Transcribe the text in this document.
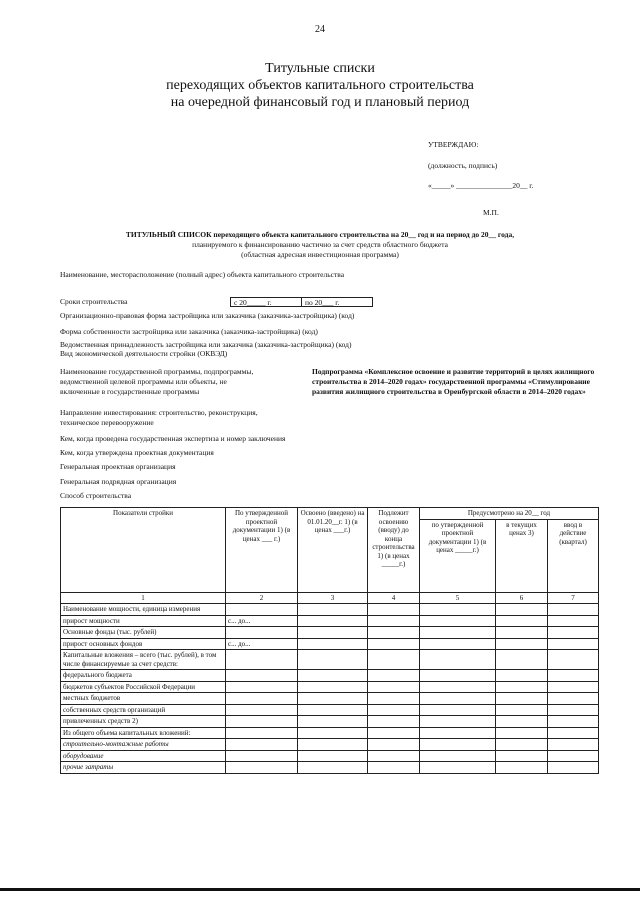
24
Титульные списки
переходящих объектов капитального строительства
на очередной финансовый год и плановый период
УТВЕРЖДАЮ:
(должность, подпись)
«_____» _______________20__ г.
М.П.
ТИТУЛЬНЫЙ СПИСОК переходящего объекта капитального строительства на 20__ год и на период до 20__ года,
планируемого к финансированию частично за счет средств областного бюджета
(областная адресная инвестиционная программа)
Наименование, месторасположение (полный адрес) объекта капитального строительства
Сроки строительства	с 20_____ г.	по 20___ г.
Организационно-правовая форма застройщика или заказчика (заказчика-застройщика) (код)
Форма собственности застройщика или заказчика (заказчика-застройщика) (код)
Ведомственная принадлежность застройщика или заказчика (заказчика-застройщика) (код)
Вид экономической деятельности стройки (ОКВЭД)
Наименование государственной программы, подпрограммы, ведомственной целевой программы или объекты, не включенные в государственные программы
Подпрограмма «Комплексное освоение и развитие территорий в целях жилищного строительства в 2014–2020 годах» государственной программы «Стимулирование развития жилищного строительства в Оренбургской области в 2014–2020 годах»
Направление инвестирования: строительство, реконструкция, техническое перевооружение
Кем, когда проведена государственная экспертиза и номер заключения
Кем, когда утверждена проектная документация
Генеральная проектная организация
Генеральная подрядная организация
Способ строительства
Показатели стройки	По утвержденной проектной документации 1) (в ценах ___ г.)	Освоено (введено) на 01.01.20__г. 1) (в ценах ___г.)	Подлежит освоению (вводу) до конца строительства 1) (в ценах _____г.)	Предусмотрено на 20__ год		
				по утвержденной проектной документации 1) (в ценах _____г.)	в текущих ценах 3)	ввод в действие (квартал)
1	2	3	4	5	6	7
Наименование мощности, единица измерения						
прирост мощности	с... до...					
Основные фонды (тыс. рублей)						
прирост основных фондов	с... до...					
Капитальные вложения – всего (тыс. рублей), в том числе финансируемые за счет средств:						
федерального бюджета						
бюджетов субъектов Российской Федерации						
местных бюджетов						
собственных средств организаций						
привлеченных средств 2)						
Из общего объема капитальных вложений:						
строительно-монтажные работы						
оборудование						
прочие затраты						
